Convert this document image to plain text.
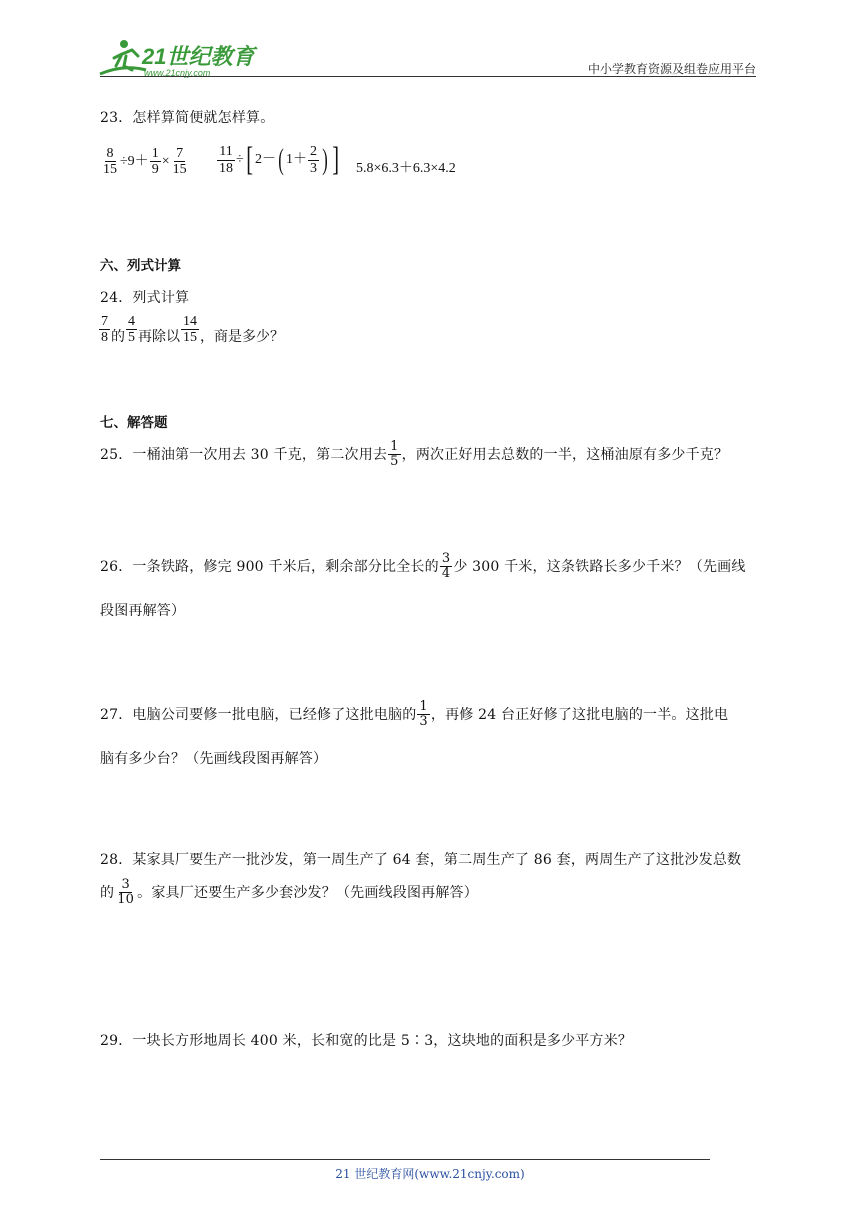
21世纪教育
www.21cnjy.com	中小学教育资源及组卷应用平台
23．怎样算简便就怎样算。
$\frac{8}{15} \div 9+ \frac{1}{9} \times \frac{7}{15} \frac{11}{18}$ ÷[ 2－( $1+ \frac{2}{3}$ ) ] 5.8×6.3＋6.3×4.2
六、列式计算
24．列式计算
$\frac{7}{8}$ 的 $\frac{4}{5}$ 再除以 $\frac{14}{15}$ ，商是多少？
七、解答题
25．一桶油第一次用去 30 千克，第二次用去 $\frac{1}{5}$ ，两次正好用去总数的一半，这桶油原有多少千克？
26．一条铁路，修完 900 千米后，剩余部分比全长的 $\frac{3}{4}$ 少 300 千米，这条铁路长多少千米？（先画线
段图再解答）
27．电脑公司要修一批电脑，已经修了这批电脑的 $\frac{1}{3}$ ，再修 24 台正好修了这批电脑的一半。这批电
脑有多少台？（先画线段图再解答）
28．某家具厂要生产一批沙发，第一周生产了 64 套，第二周生产了 86 套，两周生产了这批沙发总数
的 $\frac{3}{10}$ 。家具厂还要生产多少套沙发？（先画线段图再解答）
29．一块长方形地周长 400 米，长和宽的比是 5∶3，这块地的面积是多少平方米？
21 世纪教育网(www.21cnjy.com)
